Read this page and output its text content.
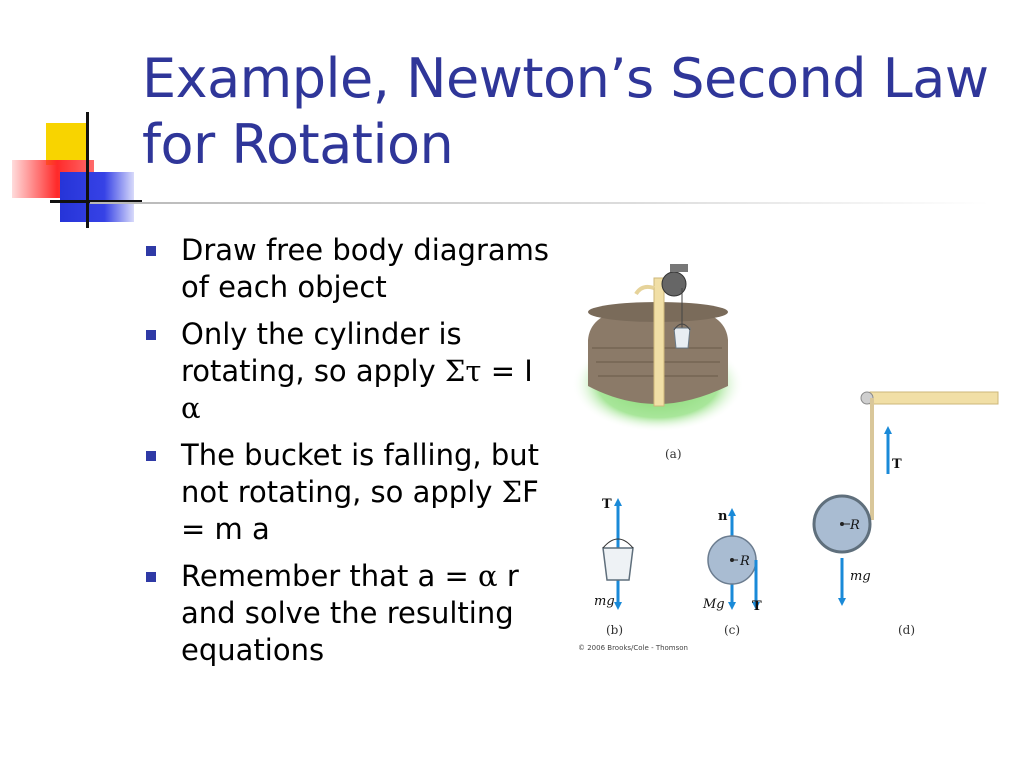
Example, Newton’s Second Law for Rotation
Draw free body diagrams of each object
Only the cylinder is rotating, so apply Στ = I α
The bucket is falling, but not rotating, so apply ΣF = m a
Remember that a = α r and solve the resulting equations
(a)
T
mg
(b)
R
n
Mg T
(c)
T
R
mg
(d)
© 2006 Brooks/Cole - Thomson
